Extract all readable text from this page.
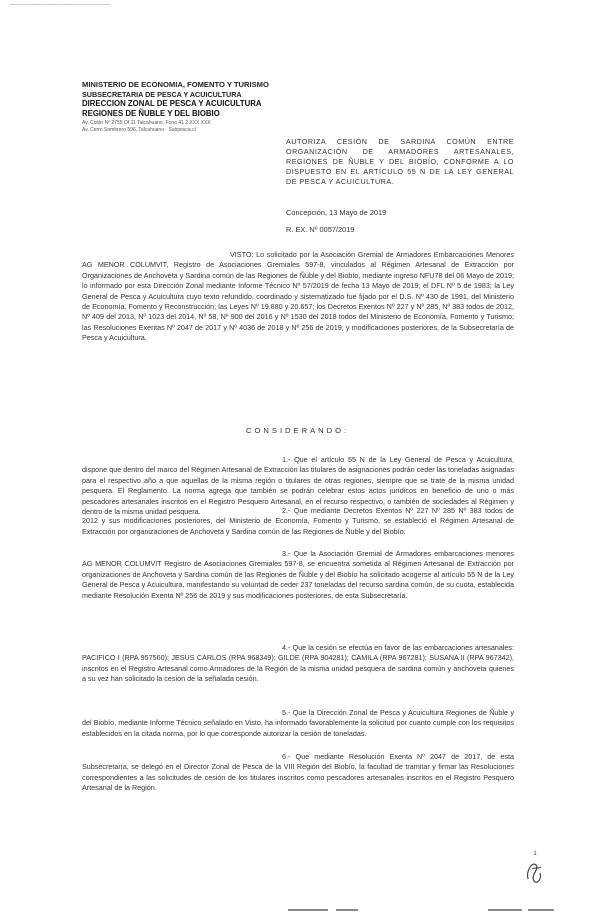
———————————————————
MINISTERIO DE ECONOMIA, FOMENTO Y TURISMO
SUBSECRETARIA DE PESCA Y ACUICULTURA
DIRECCION ZONAL DE PESCA Y ACUICULTURA
REGIONES DE ÑUBLE Y DEL BIOBIO
Av. Colón Nº 2755 Of 11 Talcahuano, Fono 41 2 XXX XXX
Av. Cerro Sombrero 596, Talcahuano · Subpesca.cl
AUTORIZA CESIÓN DE SARDINA COMÚN ENTRE ORGANIZACIÓN DE ARMADORES ARTESANALES, REGIONES DE ÑUBLE Y DEL BIOBÍO, CONFORME A LO DISPUESTO EN EL ARTÍCULO 55 N DE LA LEY GENERAL DE PESCA Y ACUICULTURA.
Concepción, 13 Mayo de 2019
R. EX. Nº 0057/2019
VISTO: Lo solicitado por la Asociación Gremial de Armadores Embarcaciones Menores AG MENOR COLUMVIT, Registro de Asociaciones Gremiales 597-8, vinculados al Régimen Artesanal de Extracción por Organizaciones de Anchoveta y Sardina común de las Regiones de Ñuble y del Biobío, mediante ingreso NFU78 del 06 Mayo de 2019; lo informado por esta Dirección Zonal mediante Informe Técnico Nº 57/2019 de fecha 13 Mayo de 2019; el DFL Nº 5 de 1983; la Ley General de Pesca y Acuicultura cuyo texto refundido, coordinado y sistematizado fue fijado por el D.S. Nº 430 de 1991, del Ministerio de Economía, Fomento y Reconstrucción; las Leyes Nº 19.880 y 20.657; los Decretos Exentos Nº 227 y Nº 285, Nº 383 todos de 2012, Nº 409 del 2013, Nº 1023 del 2014, Nº 58, Nº 900 del 2016 y Nº 1530 del 2018 todos del Ministerio de Economía, Fomento y Turismo; las Resoluciones Exentas Nº 2047 de 2017 y Nº 4036 de 2018 y Nº 256 de 2019, y modificaciones posteriores, de la Subsecretaría de Pesca y Acuicultura.
CONSIDERANDO:
1.- Que el artículo 55 N de la Ley General de Pesca y Acuicultura, dispone que dentro del marco del Régimen Artesanal de Extracción las titulares de asignaciones podrán ceder las toneladas asignadas para el respectivo año a que aquellas de la misma región o titulares de otras regiones, siempre que se trate de la misma unidad pesquera. El Reglamento. La norma agrega que también se podrán celebrar estos actos jurídicos en beneficio de uno o más pescadores artesanales inscritos en el Registro Pesquero Artesanal, en el recurso respectivo, o también de sociedades al Régimen y dentro de la misma unidad pesquera.	2.- Que mediante Decretos Exentos Nº 227 Nº 285 Nº 383 todos de 2012 y sus modificaciones posteriores, del Ministerio de Economía, Fomento y Turismo, se estableció el Régimen Artesanal de Extracción por organizaciones de Anchoveta y Sardina común de las Regiones de Ñuble y del Biobío.
3.- Que la Asociación Gremial de Armadores embarcaciones menores AG MENOR COLUMVIT Registro de Asociaciones Gremiales 597-8, se encuentra sometida al Régimen Artesanal de Extracción por organizaciones de Anchoveta y Sardina común de las Regiones de Ñuble y del Biobío ha solicitado acogerse al artículo 55 N de la Ley General de Pesca y Acuicultura, manifestando su voluntad de ceder 237 toneladas del recurso sardina común, de su cuota, establecida mediante Resolución Exenta Nº 256 de 2019 y sus modificaciones posteriores, de esta Subsecretaría.
4.- Que la cesión se efectúa en favor de las embarcaciones artesanales: PACIFICO I (RPA 957560); JESUS CARLOS (RPA 968349); GILDE (RPA 904281); CAMILA (RPA 967281); SUSANA II (RPA 967342), inscritos en el Registro Artesanal como Armadores de la Región de la misma unidad pesquera de sardina común y anchoveta quienes a su vez han solicitado la cesión de la señalada cesión.
5.- Que la Dirección Zonal de Pesca y Acuicultura Regiones de Ñuble y del Biobío, mediante Informe Técnico señalado en Visto, ha informado favorablemente la solicitud por cuanto cumple con los requisitos establecidos en la citada norma, por lo que corresponde autorizar la cesión de toneladas.
6.- Que mediante Resolución Exenta Nº 2047 de 2017, de esta Subsecretaría, se delegó en el Director Zonal de Pesca de la VIII Región del Biobío, la facultad de tramitar y firmar las Resoluciones correspondientes a las solicitudes de cesión de los titulares inscritos como pescadores artesanales inscritos en el Registro Pesquero Artesanal de la Región.
1
